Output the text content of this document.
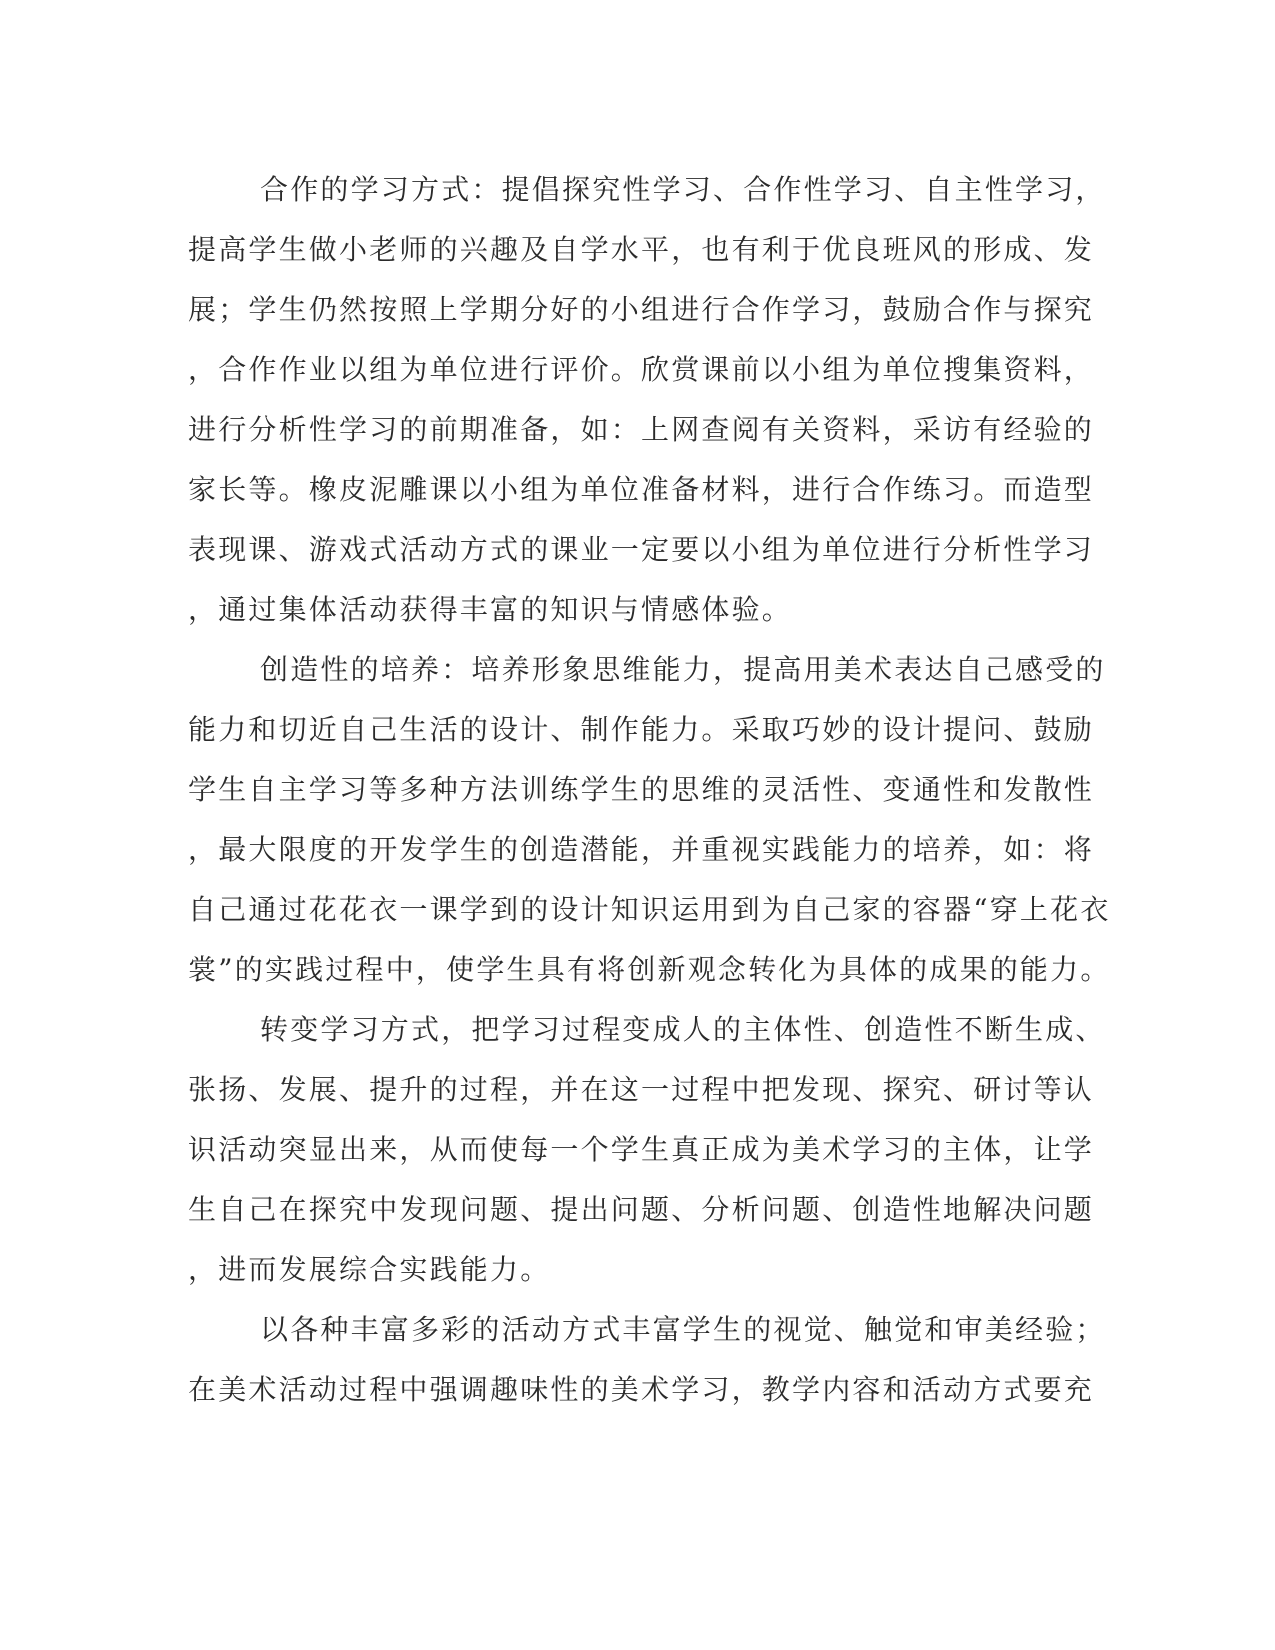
合作的学习方式：提倡探究性学习、合作性学习、自主性学习，
提高学生做小老师的兴趣及自学水平，也有利于优良班风的形成、发
展；学生仍然按照上学期分好的小组进行合作学习，鼓励合作与探究
，合作作业以组为单位进行评价。欣赏课前以小组为单位搜集资料，
进行分析性学习的前期准备，如：上网查阅有关资料，采访有经验的
家长等。橡皮泥雕课以小组为单位准备材料，进行合作练习。而造型
表现课、游戏式活动方式的课业一定要以小组为单位进行分析性学习
，通过集体活动获得丰富的知识与情感体验。
创造性的培养：培养形象思维能力，提高用美术表达自己感受的
能力和切近自己生活的设计、制作能力。采取巧妙的设计提问、鼓励
学生自主学习等多种方法训练学生的思维的灵活性、变通性和发散性
，最大限度的开发学生的创造潜能，并重视实践能力的培养，如：将
自己通过花花衣一课学到的设计知识运用到为自己家的容器“穿上花衣
裳”的实践过程中，使学生具有将创新观念转化为具体的成果的能力。
转变学习方式，把学习过程变成人的主体性、创造性不断生成、
张扬、发展、提升的过程，并在这一过程中把发现、探究、研讨等认
识活动突显出来，从而使每一个学生真正成为美术学习的主体，让学
生自己在探究中发现问题、提出问题、分析问题、创造性地解决问题
，进而发展综合实践能力。
以各种丰富多彩的活动方式丰富学生的视觉、触觉和审美经验；
在美术活动过程中强调趣味性的美术学习，教学内容和活动方式要充
